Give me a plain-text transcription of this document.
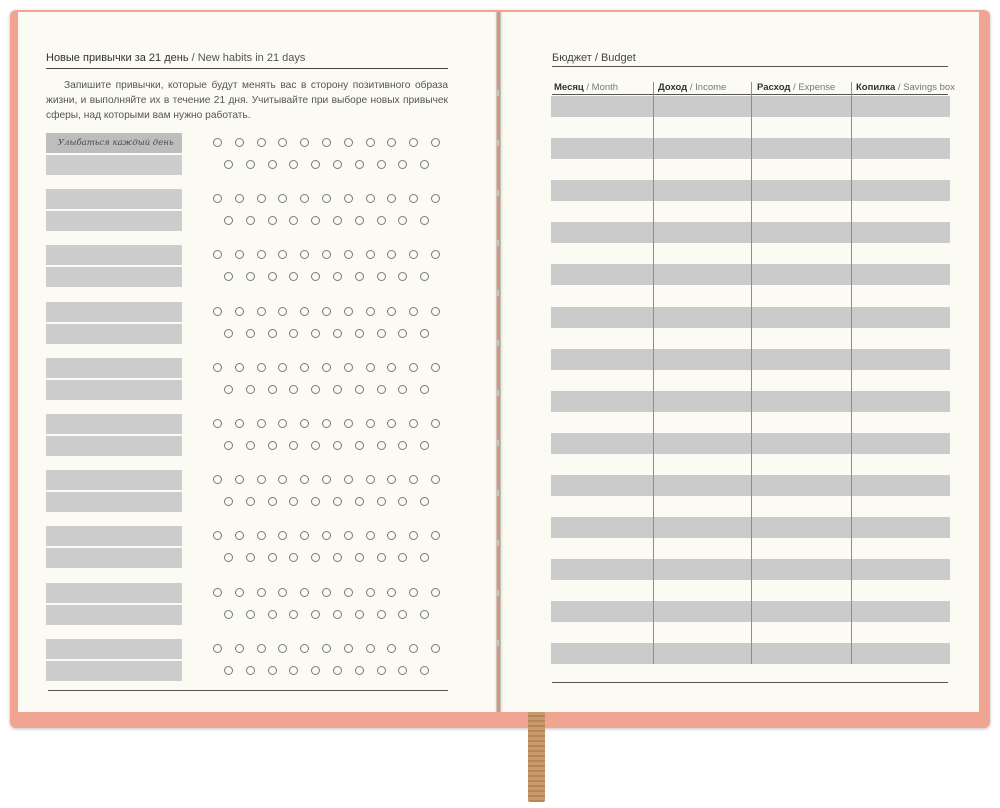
Новые привычки за 21 день / New habits in 21 days
Запишите привычки, которые будут менять вас в сторону позитивного образа жизни, и выполняйте их в течение 21 дня. Учитывайте при выборе новых привычек сферы, над которыми вам нужно работать.
Улыбаться каждый день
Бюджет / Budget
Месяц / Month	Доход / Income	Расход / Expense Копилка / Savings box
